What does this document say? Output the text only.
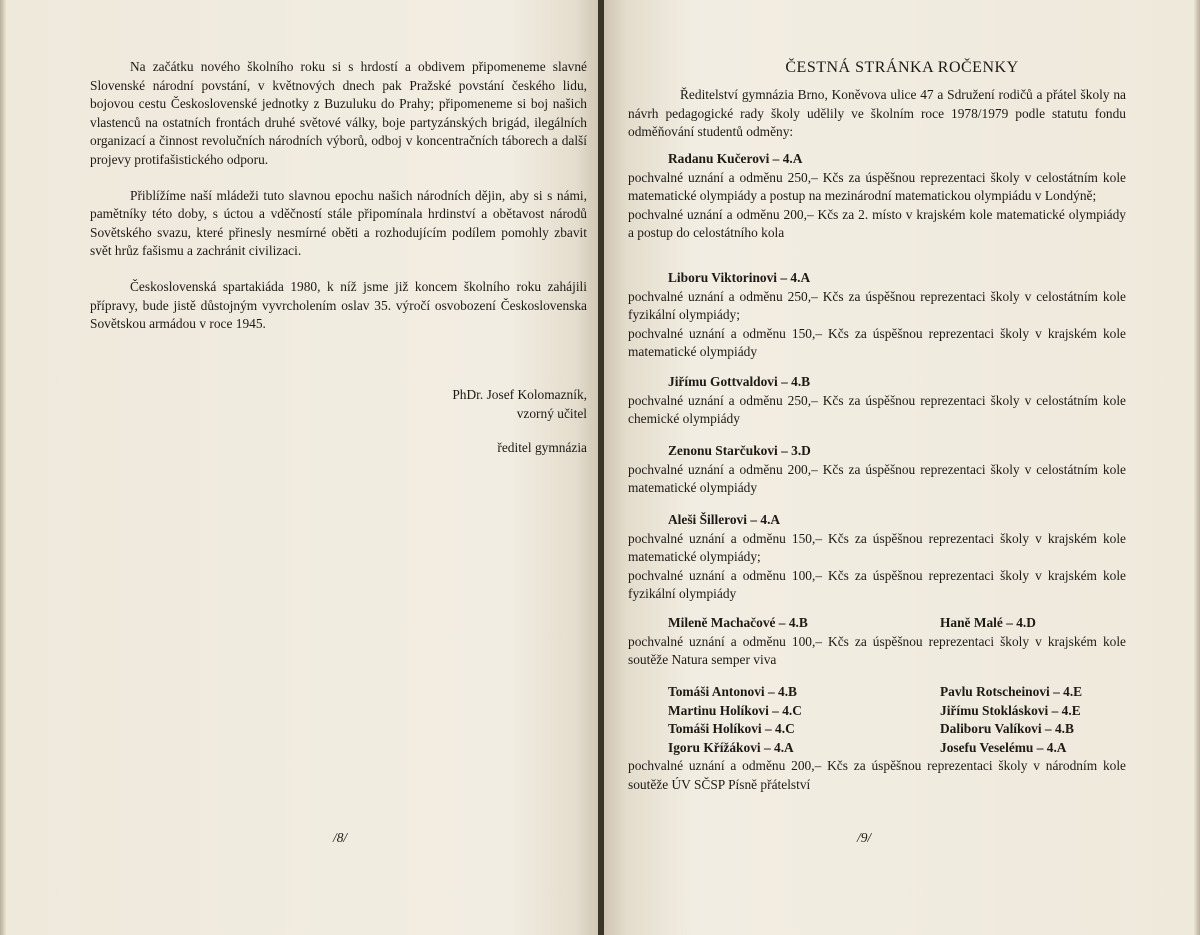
Na začátku nového školního roku si s hrdostí a obdivem připomeneme slavné Slovenské národní povstání, v květnových dnech pak Pražské povstání českého lidu, bojovou cestu Československé jednotky z Buzuluku do Prahy; připomeneme si boj našich vlastenců na ostatních frontách druhé světové války, boje partyzánských brigád, ilegálních organizací a činnost revolučních národních výborů, odboj v koncentračních táborech a další projevy protifašistického odporu.

Přiblížíme naší mládeži tuto slavnou epochu našich národních dějin, aby si s námi, pamětníky této doby, s úctou a vděčností stále připomínala hrdinství a obětavost národů Sovětského svazu, které přinesly nesmírné oběti a rozhodujícím podílem pomohly zbavit svět hrůz fašismu a zachránit civilizaci.

Československá spartakiáda 1980, k níž jsme již koncem školního roku zahájili přípravy, bude jistě důstojným vyvrcholením oslav 35. výročí osvobození Československa Sovětskou armádou v roce 1945.

PhDr. Josef Kolomazník,
vzorný učitel
ředitel gymnázia
/8/
ČESTNÁ STRÁNKA ROČENKY

Ředitelství gymnázia Brno, Koněvova ulice 47 a Sdružení rodičů a přátel školy na návrh pedagogické rady školy udělily ve školním roce 1978/1979 podle statutu fondu odměňování studentů odměny:

Radanu Kučerovi – 4.A

pochvalné uznání a odměnu 250,– Kčs za úspěšnou reprezentaci školy v celostátním kole matematické olympiády a postup na mezinárodní matematickou olympiádu v Londýně;

pochvalné uznání a odměnu 200,– Kčs za 2. místo v krajském kole matematické olympiády a postup do celostátního kola

Liboru Viktorinovi – 4.A

pochvalné uznání a odměnu 250,– Kčs za úspěšnou reprezentaci školy v celostátním kole fyzikální olympiády;

pochvalné uznání a odměnu 150,– Kčs za úspěšnou reprezentaci školy v krajském kole matematické olympiády

Jiřímu Gottvaldovi – 4.B

pochvalné uznání a odměnu 250,– Kčs za úspěšnou reprezentaci školy v celostátním kole chemické olympiády

Zenonu Starčukovi – 3.D

pochvalné uznání a odměnu 200,– Kčs za úspěšnou reprezentaci školy v celostátním kole matematické olympiády

Aleši Šillerovi – 4.A

pochvalné uznání a odměnu 150,– Kčs za úspěšnou reprezentaci školy v krajském kole matematické olympiády;

pochvalné uznání a odměnu 100,– Kčs za úspěšnou reprezentaci školy v krajském kole fyzikální olympiády

Mileně Machačové – 4.B	Haně Malé – 4.D

pochvalné uznání a odměnu 100,– Kčs za úspěšnou reprezentaci školy v krajském kole soutěže Natura semper viva

Tomáši Antonovi – 4.B	Pavlu Rotscheinovi – 4.E

Martinu Holíkovi – 4.C	Jiřímu Stokláskovi – 4.E

Tomáši Holíkovi – 4.C	Daliboru Valíkovi – 4.B

Igoru Křížákovi – 4.A	Josefu Veselému – 4.A

pochvalné uznání a odměnu 200,– Kčs za úspěšnou reprezentaci školy v národním kole soutěže ÚV SČSP Písně přátelství

/9/
